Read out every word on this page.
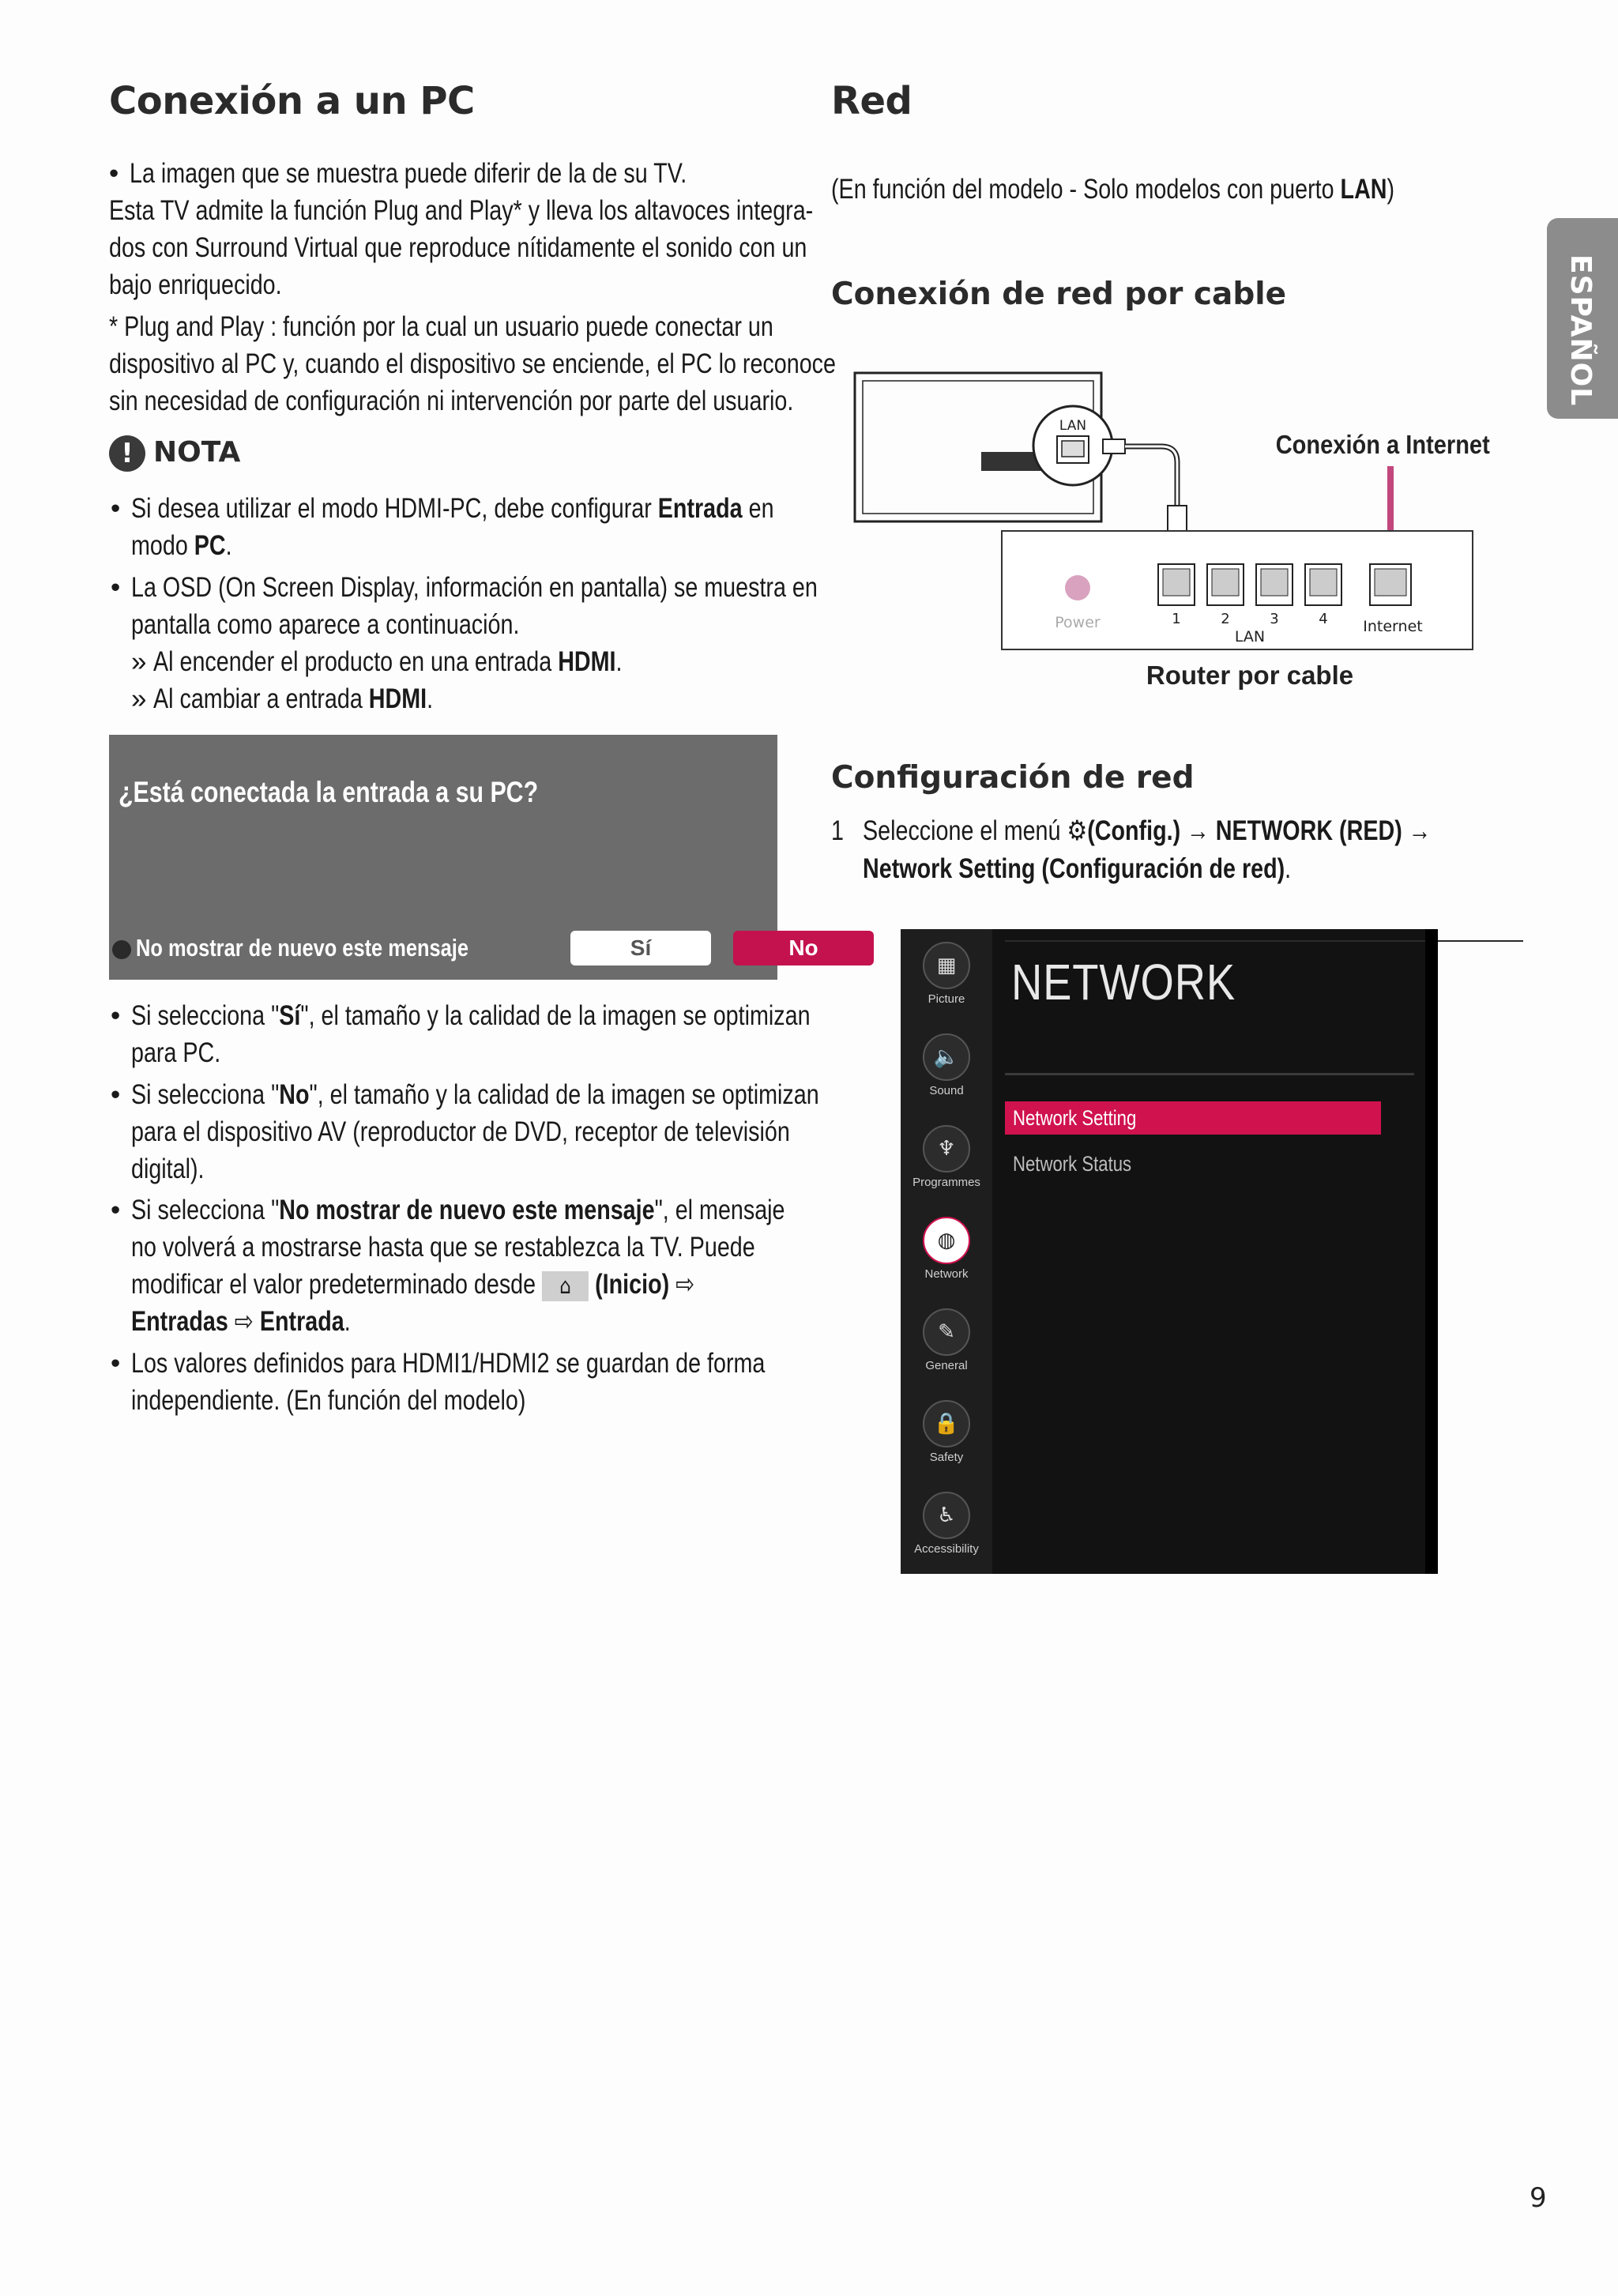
Conexión a un PC
La imagen que se muestra puede diferir de la de su TV.
Esta TV admite la función Plug and Play* y lleva los altavoces integra-
dos con Surround Virtual que reproduce nítidamente el sonido con un
bajo enriquecido.
* Plug and Play : función por la cual un usuario puede conectar un
dispositivo al PC y, cuando el dispositivo se enciende, el PC lo reconoce
sin necesidad de configuración ni intervención por parte del usuario.
! NOTA
Si desea utilizar el modo HDMI-PC, debe configurar Entrada en
modo PC.
La OSD (On Screen Display, información en pantalla) se muestra en
pantalla como aparece a continuación.
Al encender el producto en una entrada HDMI.
Al cambiar a entrada HDMI.
¿Está conectada la entrada a su PC?
No mostrar de nuevo este mensaje	Sí	No
Si selecciona "Sí", el tamaño y la calidad de la imagen se optimizan
para PC.
Si selecciona "No", el tamaño y la calidad de la imagen se optimizan
para el dispositivo AV (reproductor de DVD, receptor de televisión
digital).
Si selecciona "No mostrar de nuevo este mensaje", el mensaje
no volverá a mostrarse hasta que se restablezca la TV. Puede
modificar el valor predeterminado desde ⌂ (Inicio) ⇨
Entradas ⇨ Entrada.
Los valores definidos para HDMI1/HDMI2 se guardan de forma
independiente. (En función del modelo)
Red
(En función del modelo - Solo modelos con puerto LAN)
Conexión de red por cable
LAN
Conexión a Internet
Power	1	2	3	4
LAN
Internet
Router por cable
Configuración de red
1 Seleccione el menú ⚙(Config.) → NETWORK (RED) →
Network Setting (Configuración de red).
▦
Picture
🔈
Sound
♆
Programmes
◍
Network
✎
General
🔒
Safety
♿
Accessibility
NETWORK
Network Setting
Network Status
ESPAÑOL
9
